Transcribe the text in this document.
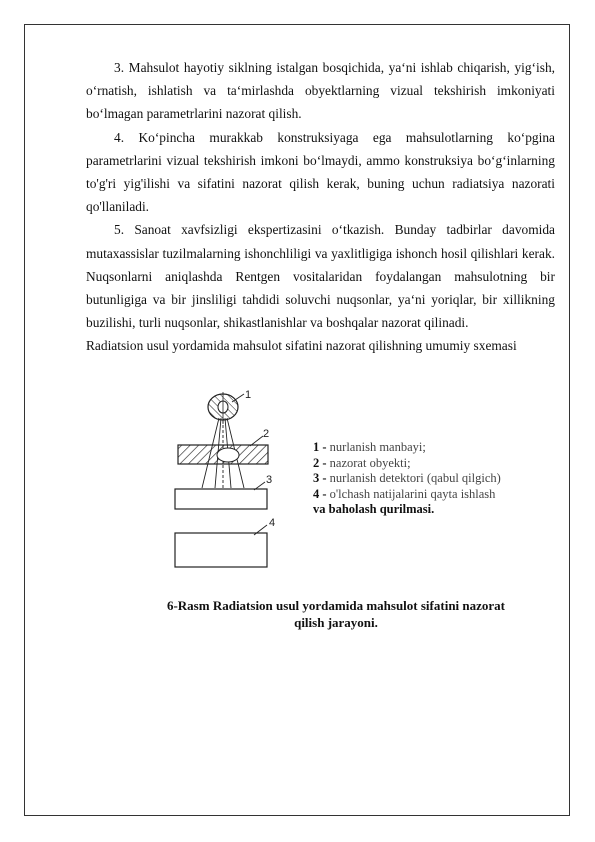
3. Mahsulot hayotiy siklning istalgan bosqichida, ya‘ni ishlab chiqarish, yig‘ish, o‘rnatish, ishlatish va ta‘mirlashda obyektlarning vizual tekshirish imkoniyati bo‘lmagan parametrlarini nazorat qilish.

4. Ko‘pincha murakkab konstruksiyaga ega mahsulotlarning ko‘pgina parametrlarini vizual tekshirish imkoni bo‘lmaydi, ammo konstruksiya bo‘g‘inlarning to'g'ri yig'ilishi va sifatini nazorat qilish kerak, buning uchun radiatsiya nazorati qo'llaniladi.

5. Sanoat xavfsizligi ekspertizasini o‘tkazish. Bunday tadbirlar davomida mutaxassislar tuzilmalarning ishonchliligi va yaxlitligiga ishonch hosil qilishlari kerak. Nuqsonlarni aniqlashda Rentgen vositalaridan foydalangan mahsulotning bir butunligiga va bir jinsliligi tahdidi soluvchi nuqsonlar, ya‘ni yoriqlar, bir xillikning buzilishi, turli nuqsonlar, shikastlanishlar va boshqalar nazorat qilinadi.

Radiatsion usul yordamida mahsulot sifatini nazorat qilishning umumiy sxemasi

1
2
3
4
1 - nurlanish manbayi;
2 - nazorat obyekti;
3 - nurlanish detektori (qabul qilgich)
4 - o'lchash natijalarini qayta ishlash
va baholash qurilmasi.
6-Rasm Radiatsion usul yordamida mahsulot sifatini nazorat
qilish jarayoni.
